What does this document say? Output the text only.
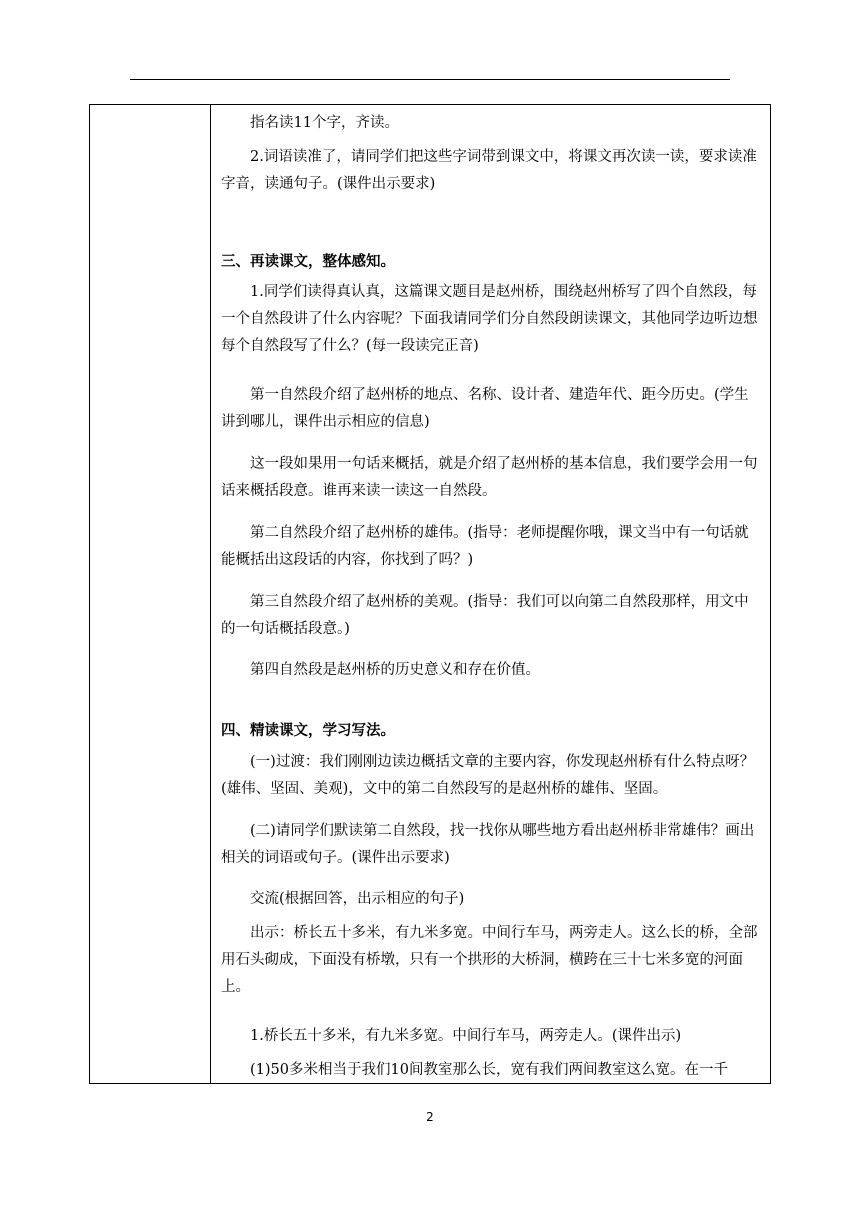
指名读11个字，齐读。

2.词语读准了，请同学们把这些字词带到课文中，将课文再次读一读，要求读准字音，读通句子。(课件出示要求)

三、再读课文，整体感知。

1.同学们读得真认真，这篇课文题目是赵州桥，围绕赵州桥写了四个自然段，每一个自然段讲了什么内容呢？下面我请同学们分自然段朗读课文，其他同学边听边想每个自然段写了什么？(每一段读完正音)

第一自然段介绍了赵州桥的地点、名称、设计者、建造年代、距今历史。(学生讲到哪儿，课件出示相应的信息)

这一段如果用一句话来概括，就是介绍了赵州桥的基本信息，我们要学会用一句话来概括段意。谁再来读一读这一自然段。

第二自然段介绍了赵州桥的雄伟。(指导：老师提醒你哦，课文当中有一句话就能概括出这段话的内容，你找到了吗？)

第三自然段介绍了赵州桥的美观。(指导：我们可以向第二自然段那样，用文中的一句话概括段意。)

第四自然段是赵州桥的历史意义和存在价值。

四、精读课文，学习写法。

(一)过渡：我们刚刚边读边概括文章的主要内容，你发现赵州桥有什么特点呀？(雄伟、坚固、美观)，文中的第二自然段写的是赵州桥的雄伟、坚固。

(二)请同学们默读第二自然段，找一找你从哪些地方看出赵州桥非常雄伟？画出相关的词语或句子。(课件出示要求)

交流(根据回答，出示相应的句子)

出示：桥长五十多米，有九米多宽。中间行车马，两旁走人。这么长的桥，全部用石头砌成，下面没有桥墩，只有一个拱形的大桥洞，横跨在三十七米多宽的河面上。

1.桥长五十多米，有九米多宽。中间行车马，两旁走人。(课件出示)

(1)50多米相当于我们10间教室那么长，宽有我们两间教室这么宽。在一千

2
